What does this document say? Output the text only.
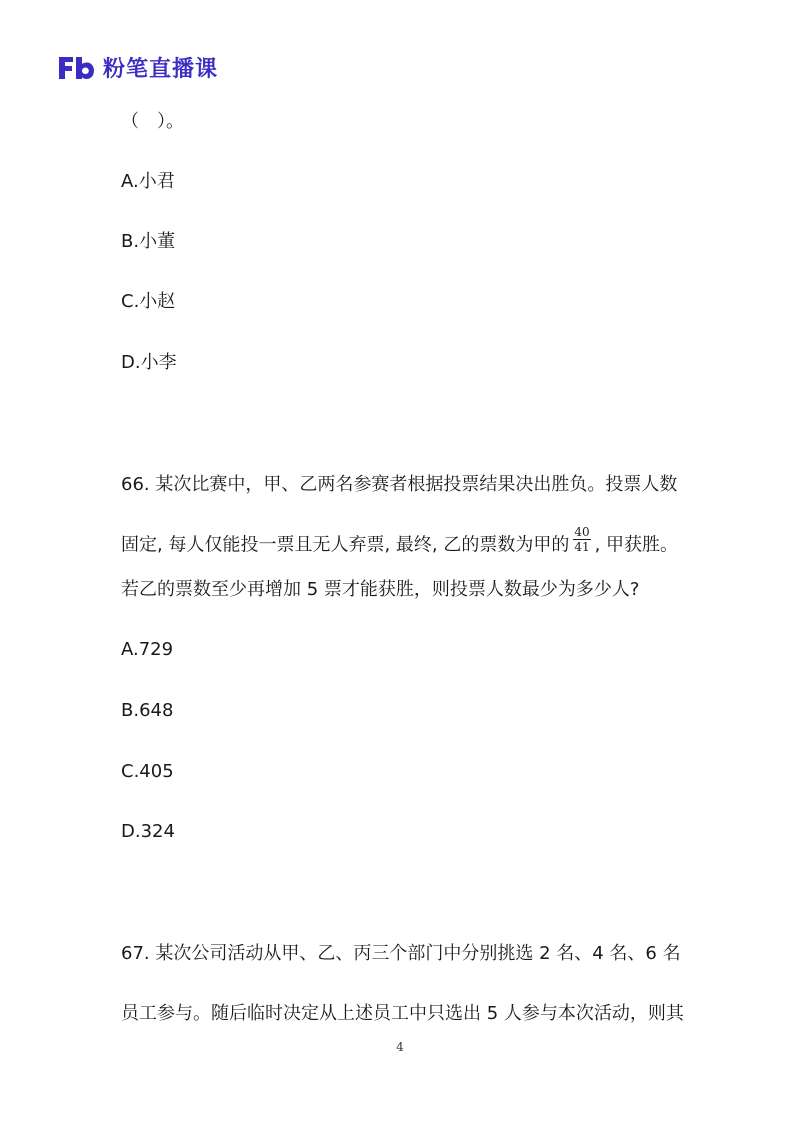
粉笔直播课
（　）。
A.小君
B.小董
C.小赵
D.小李
66. 某次比赛中，甲、乙两名参赛者根据投票结果决出胜负。投票人数
固定, 每人仅能投一票且无人弃票, 最终, 乙的票数为甲的 $\frac{40}{41}$ , 甲获胜。
若乙的票数至少再增加 5 票才能获胜，则投票人数最少为多少人?
A.729
B.648
C.405
D.324
67. 某次公司活动从甲、乙、丙三个部门中分别挑选 2 名、4 名、6 名
员工参与。随后临时决定从上述员工中只选出 5 人参与本次活动，则其
4
